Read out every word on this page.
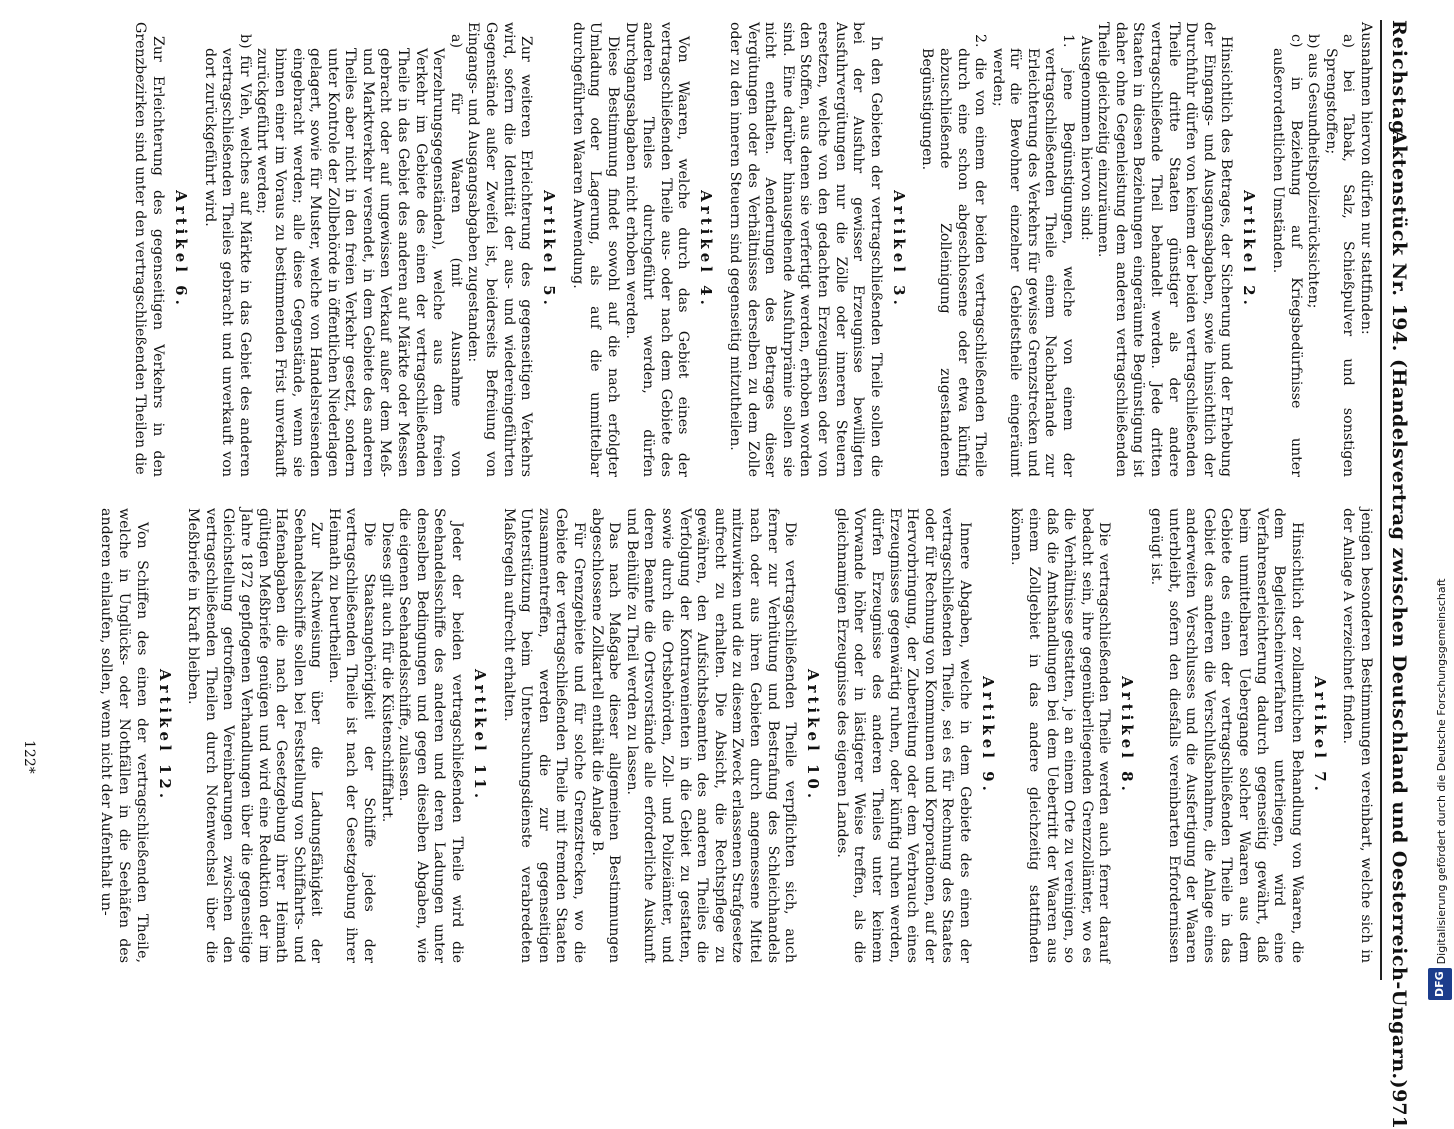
Reichstag.
Aktenstück Nr. 194. (Handelsvertrag zwischen Deutschland und Oesterreich-Ungarn.)
971

Ausnahmen hiervon dürfen nur stattfinden:

a) bei Tabak, Salz, Schießpulver und sonstigen Sprengstoffen;

b) aus Gesundheitspolizeirücksichten;

c) in Beziehung auf Kriegsbedürfnisse unter außerordentlichen Umständen.

Artikel 2.

Hinsichtlich des Betrages, der Sicherung und der Erhebung der Eingangs- und Ausgangsabgaben, sowie hinsichtlich der Durchfuhr dürfen von keinem der beiden vertragschließenden Theile dritte Staaten günstiger als der andere vertragschließende Theil behandelt werden. Jede dritten Staaten in diesen Beziehungen eingeräumte Begünstigung ist daher ohne Gegenleistung dem anderen vertragschließenden Theile gleichzeitig einzuräumen.

Ausgenommen hiervon sind:

1. jene Begünstigungen, welche von einem der vertragschließenden Theile einem Nachbarlande zur Erleichterung des Verkehrs für gewisse Grenzstrecken und für die Bewohner einzelner Gebietstheile eingeräumt werden;

2. die von einem der beiden vertragschließenden Theile durch eine schon abgeschlossene oder etwa künftig abzuschließende Zolleinigung zugestandenen Begünstigungen.

Artikel 3.

In den Gebieten der vertragschließenden Theile sollen die bei der Ausfuhr gewisser Erzeugnisse bewilligten Ausfuhrvergütungen nur die Zölle oder inneren Steuern ersetzen, welche von den gedachten Erzeugnissen oder von den Stoffen, aus denen sie verfertigt werden, erhoben worden sind. Eine darüber hinausgehende Ausfuhrprämie sollen sie nicht enthalten. Aenderungen des Betrages dieser Vergütungen oder des Verhältnisses derselben zu dem Zolle oder zu den inneren Steuern sind gegenseitig mitzutheilen.

Artikel 4.

Von Waaren, welche durch das Gebiet eines der vertragschließenden Theile aus- oder nach dem Gebiete des anderen Theiles durchgeführt werden, dürfen Durchgangsabgaben nicht erhoben werden.

Diese Bestimmung findet sowohl auf die nach erfolgter Umladung oder Lagerung, als auf die unmittelbar durchgeführten Waaren Anwendung.

Artikel 5.

Zur weiteren Erleichterung des gegenseitigen Verkehrs wird, sofern die Identität der aus- und wiedereingeführten Gegenstände außer Zweifel ist, beiderseits Befreiung von Eingangs- und Ausgangsabgaben zugestanden:

a) für Waaren (mit Ausnahme von Verzehrungsgegenständen), welche aus dem freien Verkehr im Gebiete des einen der vertragschließenden Theile in das Gebiet des anderen auf Märkte oder Messen gebracht oder auf ungewissen Verkauf außer dem Meß- und Marktverkehr versendet, in dem Gebiete des anderen Theiles aber nicht in den freien Verkehr gesetzt, sondern unter Kontrole der Zollbehörde in öffentlichen Niederlagen gelagert, sowie für Muster, welche von Handelsreisenden eingebracht werden; alle diese Gegenstände, wenn sie binnen einer im Voraus zu bestimmenden Frist unverkauft zurückgeführt werden;

b) für Vieh, welches auf Märkte in das Gebiet des anderen vertragschließenden Theiles gebracht und unverkauft von dort zurückgeführt wird.

Artikel 6.

Zur Erleichterung des gegenseitigen Verkehrs in den Grenzbezirken sind unter den vertragschließenden Theilen die

jenigen besonderen Bestimmungen vereinbart, welche sich in der Anlage A verzeichnet finden.

Artikel 7.

Hinsichtlich der zollamtlichen Behandlung von Waaren, die dem Begleitscheinverfahren unterliegen, wird eine Verfahrenserleichterung dadurch gegenseitig gewährt, daß beim unmittelbaren Uebergange solcher Waaren aus dem Gebiete des einen der vertragschließenden Theile in das Gebiet des anderen die Verschlußabnahme, die Anlage eines anderweiten Verschlusses und die Ausfertigung der Waaren unterbleibt, sofern den diesfalls vereinbarten Erfordernissen genügt ist.

Artikel 8.

Die vertragschließenden Theile werden auch ferner darauf bedacht sein, ihre gegenüberliegenden Grenzzollämter, wo es die Verhältnisse gestatten, je an einem Orte zu vereinigen, so daß die Amtshandlungen bei dem Uebertritt der Waaren aus einem Zollgebiet in das andere gleichzeitig stattfinden können.

Artikel 9.

Innere Abgaben, welche in dem Gebiete des einen der vertragschließenden Theile, sei es für Rechnung des Staates oder für Rechnung von Kommunen und Korporationen, auf der Hervorbringung, der Zubereitung oder dem Verbrauch eines Erzeugnisses gegenwärtig ruhen, oder künftig ruhen werden, dürfen Erzeugnisse des anderen Theiles unter keinem Vorwande höher oder in lästigerer Weise treffen, als die gleichnamigen Erzeugnisse des eigenen Landes.

Artikel 10.

Die vertragschließenden Theile verpflichten sich, auch ferner zur Verhütung und Bestrafung des Schleichhandels nach oder aus ihren Gebieten durch angemessene Mittel mitzuwirken und die zu diesem Zweck erlassenen Strafgesetze aufrecht zu erhalten. Die Absicht, die Rechtspflege zu gewähren, den Aufsichtsbeamten des anderen Theiles die Verfolgung der Kontravenienten in die Gebiet zu gestatten, sowie durch die Ortsbehörden, Zoll- und Polizeiämter, und deren Beamte die Ortsvorstände alle erforderliche Auskunft und Beihülfe zu Theil werden zu lassen.

Das nach Maßgabe dieser allgemeinen Bestimmungen abgeschlossene Zollkartell enthält die Anlage B.

Für Grenzgebiete und für solche Grenzstrecken, wo die Gebiete der vertragschließenden Theile mit fremden Staaten zusammentreffen, werden die zur gegenseitigen Unterstützung beim Untersuchungsdienste verabredeten Maßregeln aufrecht erhalten.

Artikel 11.

Jeder der beiden vertragschließenden Theile wird die Seehandelsschiffe des anderen und deren Ladungen unter denselben Bedingungen und gegen dieselben Abgaben, wie die eigenen Seehandelsschiffe, zulassen.

Dieses gilt auch für die Küstenschifffahrt.

Die Staatsangehörigkeit der Schiffe jedes der vertragschließenden Theile ist nach der Gesetzgebung ihrer Heimath zu beurtheilen.

Zur Nachweisung über die Ladungsfähigkeit der Seehandelsschiffe sollen bei Feststellung von Schiffahrts- und Hafenabgaben die nach der Gesetzgebung ihrer Heimath gültigen Meßbriefe genügen und wird eine Reduktion der im Jahre 1872 gepflogenen Verhandlungen über die gegenseitige Gleichstellung getroffenen Vereinbarungen zwischen den vertragschließenden Theilen durch Notenwechsel über die Meßbriefe in Kraft bleiben.

Artikel 12.

Von Schiffen des einen der vertragschließenden Theile, welche in Unglücks- oder Nothfällen in die Seehäfen des anderen einlaufen, sollen, wenn nicht der Aufenthalt un-

122*
DFGDigitalisierung gefördert durch die Deutsche Forschungsgemeinschaft
